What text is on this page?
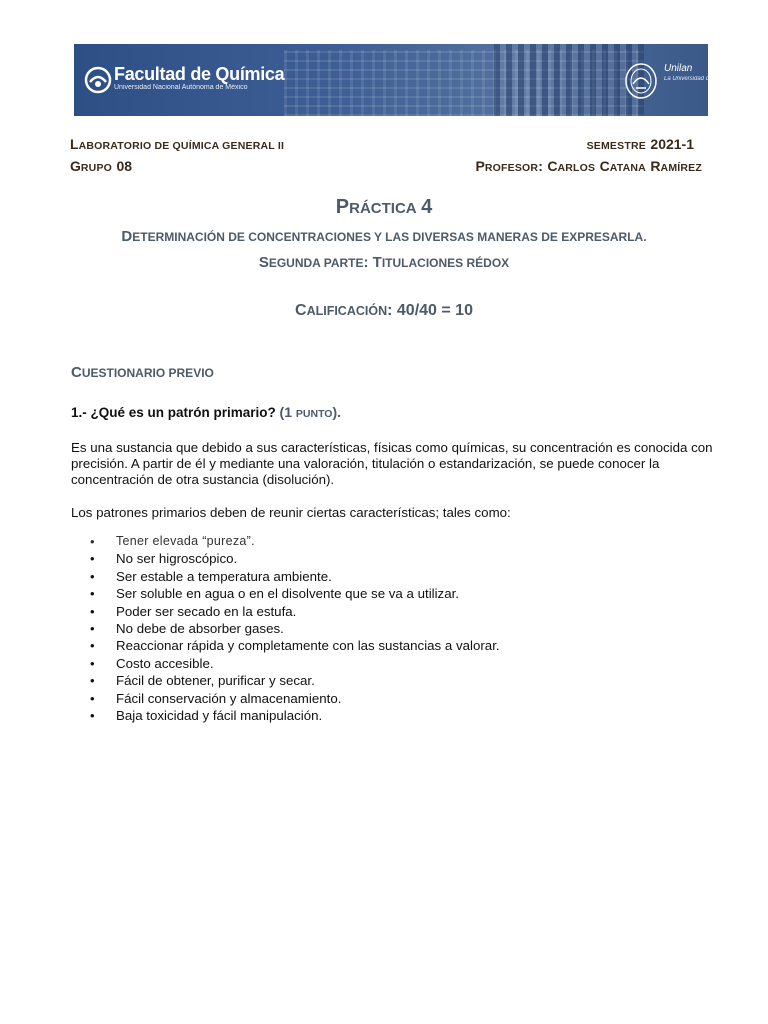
Facultad de Química
Universidad Nacional Autónoma de México
Unilan
La Universidad de la Nación
LABORATORIO DE QUÍMICA GENERAL II
GRUPO 08
SEMESTRE 2021-1
PROFESOR: CARLOS CATANA RAMÍREZ
PRÁCTICA 4
DETERMINACIÓN DE CONCENTRACIONES Y LAS DIVERSAS MANERAS DE EXPRESARLA.
SEGUNDA PARTE: TITULACIONES RÉDOX
CALIFICACIÓN: 40/40 = 10
CUESTIONARIO PREVIO
1.- ¿Qué es un patrón primario? (1 PUNTO).

Es una sustancia que debido a sus características, físicas como químicas, su concentración es conocida con precisión. A partir de él y mediante una valoración, titulación o estandarización, se puede conocer la concentración de otra sustancia (disolución).

Los patrones primarios deben de reunir ciertas características; tales como:

• Tener elevada “pureza”.
• No ser higroscópico.
• Ser estable a temperatura ambiente.
• Ser soluble en agua o en el disolvente que se va a utilizar.
• Poder ser secado en la estufa.
• No debe de absorber gases.
• Reaccionar rápida y completamente con las sustancias a valorar.
• Costo accesible.
• Fácil de obtener, purificar y secar.
• Fácil conservación y almacenamiento.
• Baja toxicidad y fácil manipulación.
